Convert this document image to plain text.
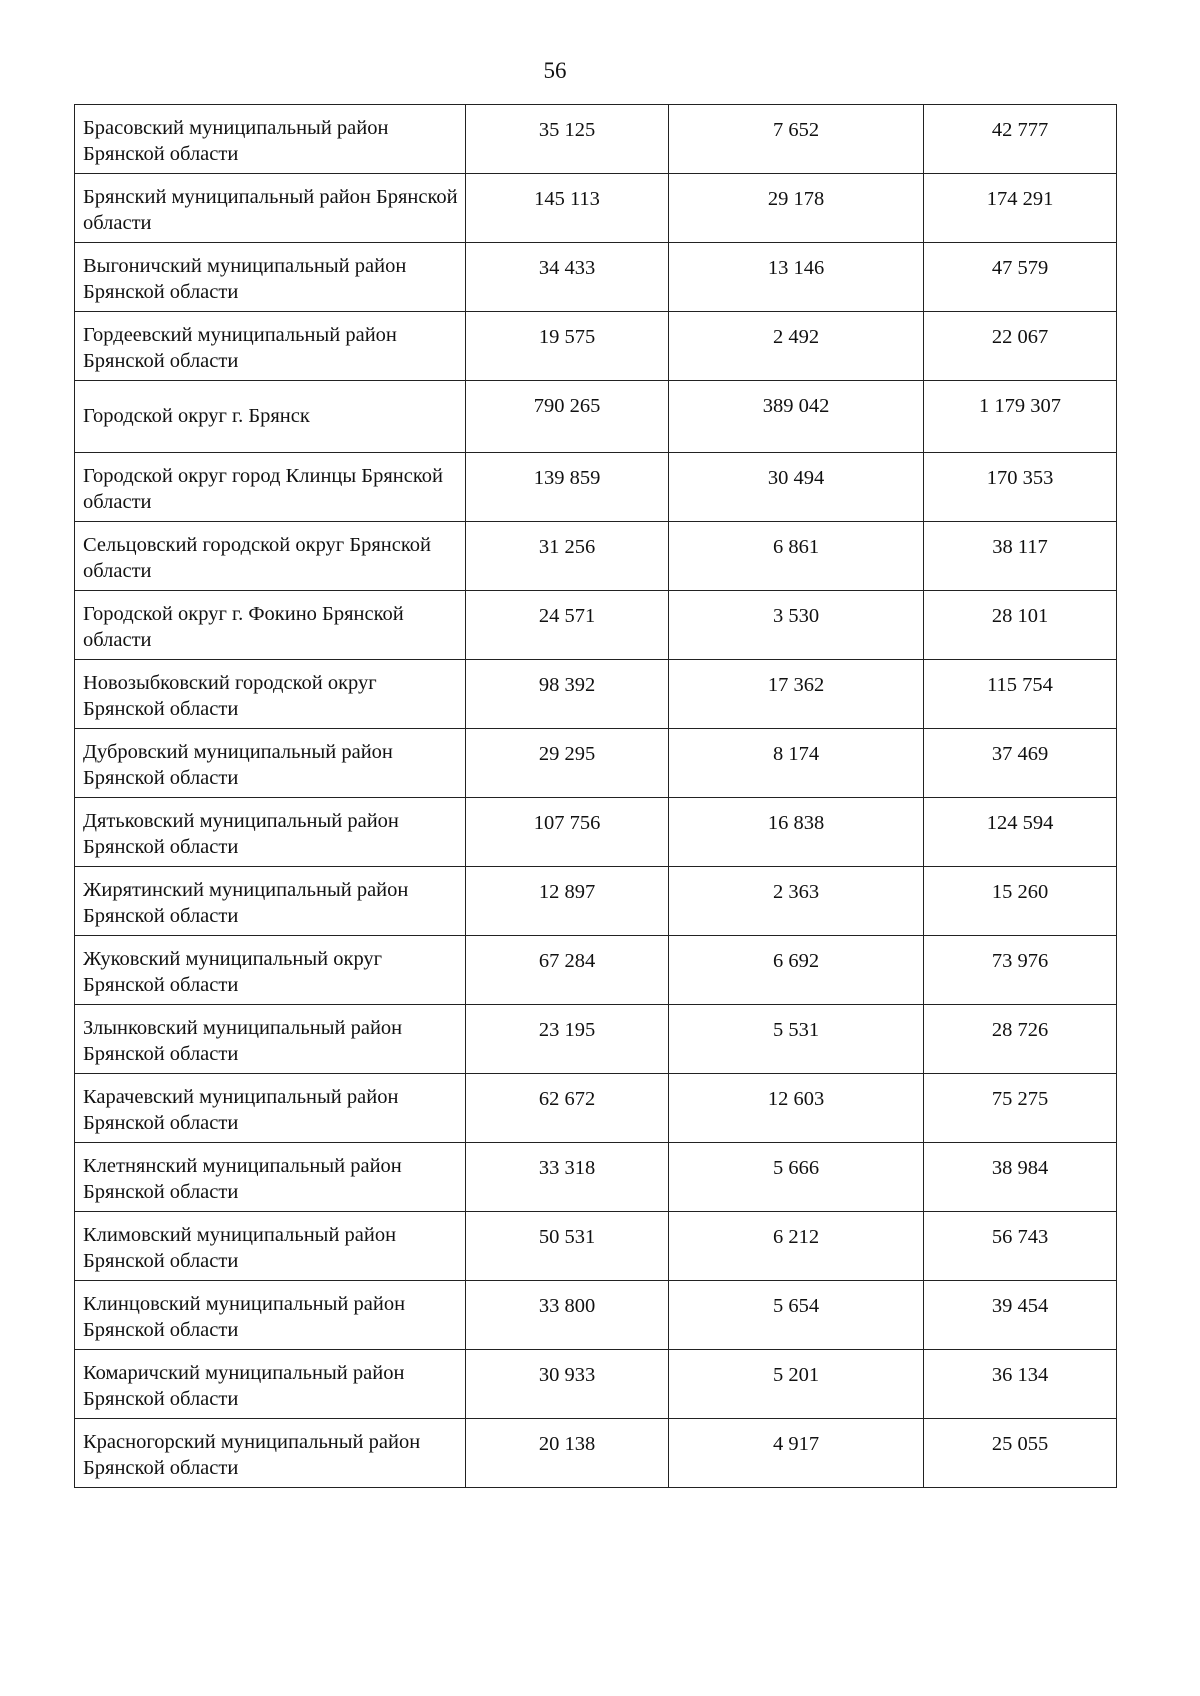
56
Брасовский муниципальный район Брянской области	35 125	7 652	42 777
Брянский муниципальный район Брянской области	145 113	29 178	174 291
Выгоничский муниципальный район Брянской области	34 433	13 146	47 579
Гордеевский муниципальный район Брянской области	19 575	2 492	22 067
Городской округ г. Брянск	790 265	389 042	1 179 307
Городской округ город Клинцы Брянской области	139 859	30 494	170 353
Сельцовский городской округ Брянской области	31 256	6 861	38 117
Городской округ г. Фокино Брянской области	24 571	3 530	28 101
Новозыбковский городской округ Брянской области	98 392	17 362	115 754
Дубровский муниципальный район Брянской области	29 295	8 174	37 469
Дятьковский муниципальный район Брянской области	107 756	16 838	124 594
Жирятинский муниципальный район Брянской области	12 897	2 363	15 260
Жуковский муниципальный округ Брянской области	67 284	6 692	73 976
Злынковский муниципальный район Брянской области	23 195	5 531	28 726
Карачевский муниципальный район Брянской области	62 672	12 603	75 275
Клетнянский муниципальный район Брянской области	33 318	5 666	38 984
Климовский муниципальный район Брянской области	50 531	6 212	56 743
Клинцовский муниципальный район Брянской области	33 800	5 654	39 454
Комаричский муниципальный район Брянской области	30 933	5 201	36 134
Красногорский муниципальный район Брянской области	20 138	4 917	25 055
